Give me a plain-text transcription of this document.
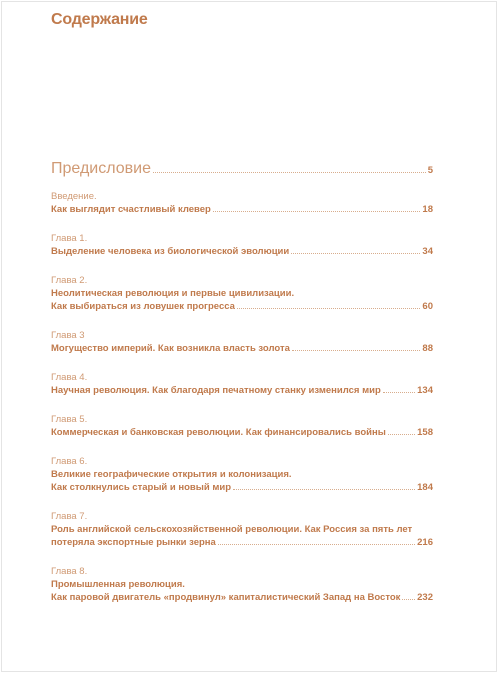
Содержание
Предисловие	5
Введение.
Как выглядит счастливый клевер	18
Глава 1.
Выделение человека из биологической эволюции	34
Глава 2.
Неолитическая революция и первые цивилизации.
Как выбираться из ловушек прогресса	60
Глава 3
Могущество империй. Как возникла власть золота	88
Глава 4.
Научная революция. Как благодаря печатному станку изменился мир	134
Глава 5.
Коммерческая и банковская революции. Как финансировались войны	158
Глава 6.
Великие географические открытия и колонизация.
Как столкнулись старый и новый мир	184
Глава 7.
Роль английской сельскохозяйственной революции. Как Россия за пять лет
потеряла экспортные рынки зерна	216
Глава 8.
Промышленная революция.
Как паровой двигатель «продвинул» капиталистический Запад на Восток 232
